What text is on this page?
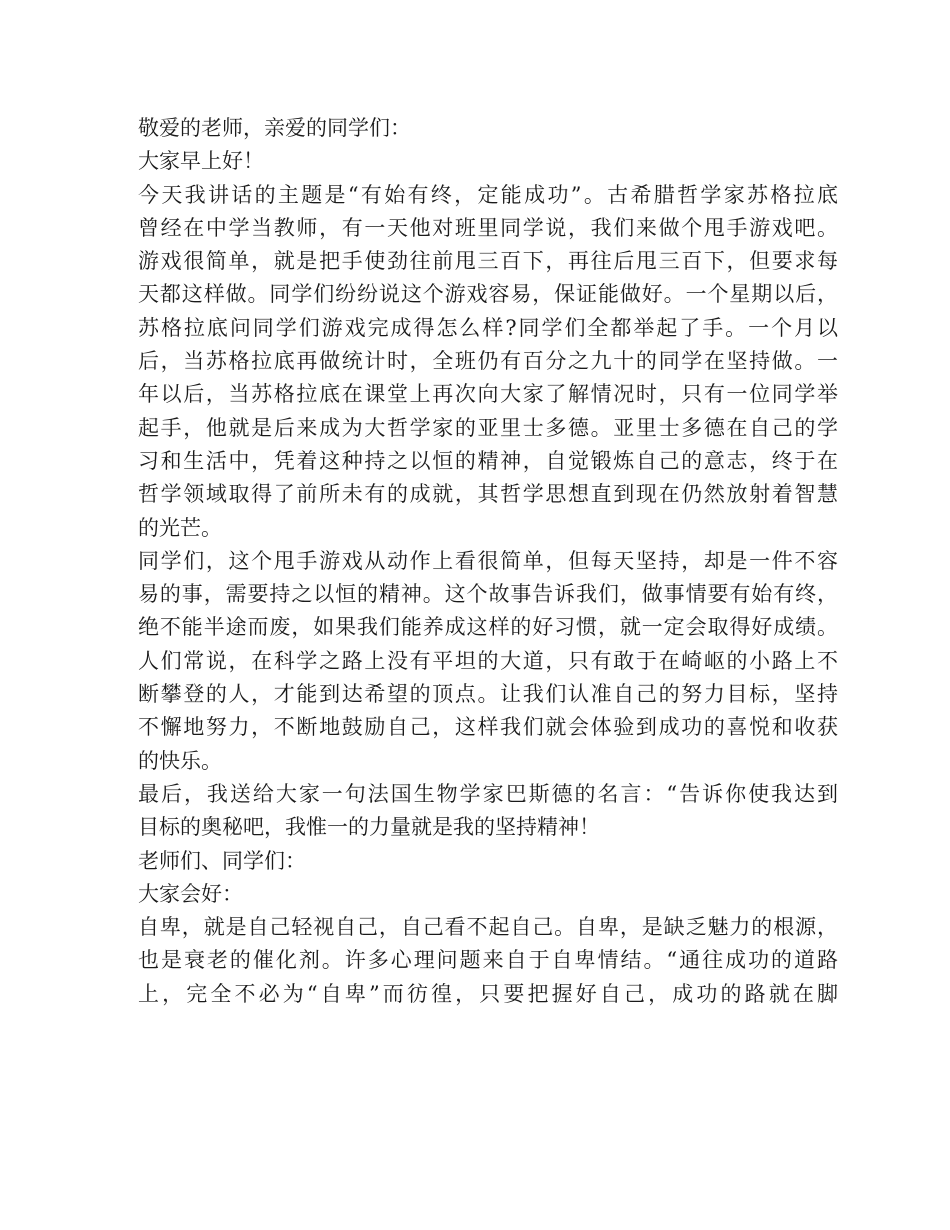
敬爱的老师，亲爱的同学们：
大家早上好！
今天我讲话的主题是“有始有终，定能成功”。古希腊哲学家苏格拉底
曾经在中学当教师，有一天他对班里同学说，我们来做个甩手游戏吧。
游戏很简单，就是把手使劲往前甩三百下，再往后甩三百下，但要求每
天都这样做。同学们纷纷说这个游戏容易，保证能做好。一个星期以后，
苏格拉底问同学们游戏完成得怎么样?同学们全都举起了手。一个月以
后，当苏格拉底再做统计时，全班仍有百分之九十的同学在坚持做。一
年以后，当苏格拉底在课堂上再次向大家了解情况时，只有一位同学举
起手，他就是后来成为大哲学家的亚里士多德。亚里士多德在自己的学
习和生活中，凭着这种持之以恒的精神，自觉锻炼自己的意志，终于在
哲学领域取得了前所未有的成就，其哲学思想直到现在仍然放射着智慧
的光芒。
同学们，这个甩手游戏从动作上看很简单，但每天坚持，却是一件不容
易的事，需要持之以恒的精神。这个故事告诉我们，做事情要有始有终，
绝不能半途而废，如果我们能养成这样的好习惯，就一定会取得好成绩。
人们常说，在科学之路上没有平坦的大道，只有敢于在崎岖的小路上不
断攀登的人，才能到达希望的顶点。让我们认准自己的努力目标，坚持
不懈地努力，不断地鼓励自己，这样我们就会体验到成功的喜悦和收获
的快乐。
最后，我送给大家一句法国生物学家巴斯德的名言：“告诉你使我达到
目标的奥秘吧，我惟一的力量就是我的坚持精神！
老师们、同学们：
大家会好：
自卑，就是自己轻视自己，自己看不起自己。自卑，是缺乏魅力的根源，
也是衰老的催化剂。许多心理问题来自于自卑情结。“通往成功的道路
上，完全不必为“自卑”而彷徨，只要把握好自己，成功的路就在脚
